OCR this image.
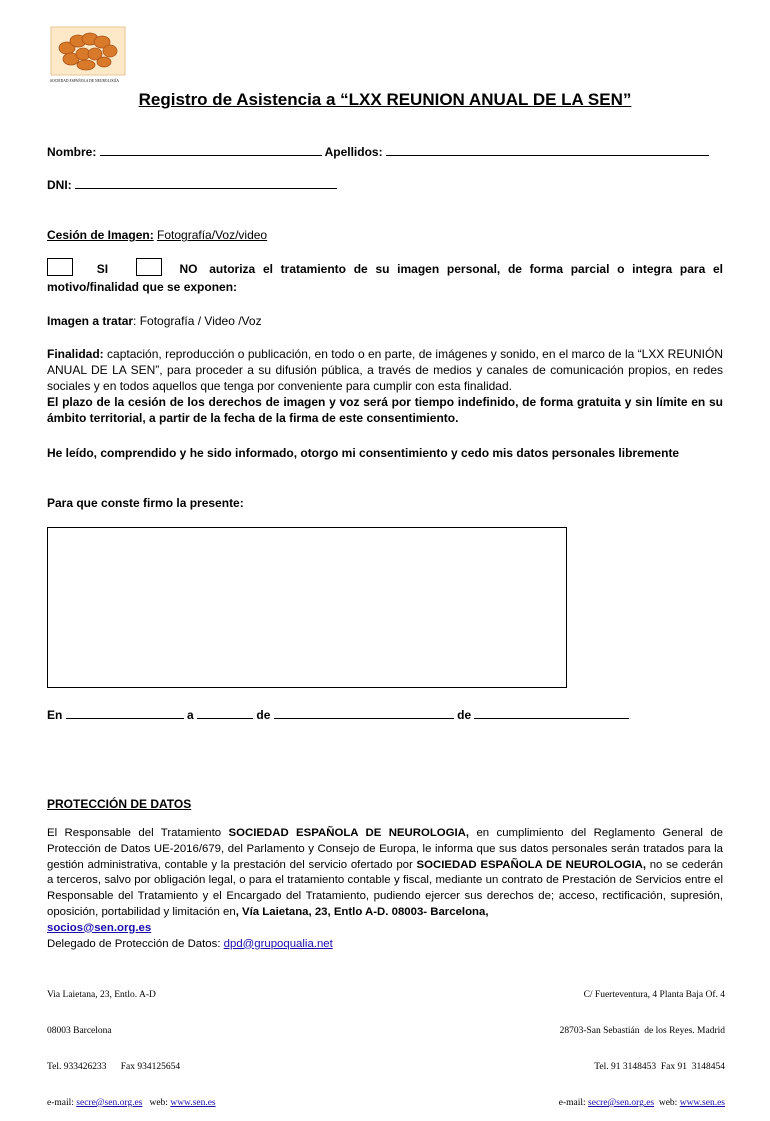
SOCIEDAD ESPAÑOLA DE NEUROLOGÍA
Registro de Asistencia a “LXX REUNION ANUAL DE LA SEN”
Nombre:	Apellidos:
DNI:
Cesión de Imagen: Fotografía/Voz/video
SI	NO autoriza el tratamiento de su imagen personal, de forma parcial o integra para el
motivo/finalidad que se exponen:
Imagen a tratar: Fotografía / Video /Voz
Finalidad: captación, reproducción o publicación, en todo o en parte, de imágenes y sonido, en el marco de la “LXX REUNIÓN ANUAL DE LA SEN”, para proceder a su difusión pública, a través de medios y canales de comunicación propios, en redes sociales y en todos aquellos que tenga por conveniente para cumplir con esta finalidad.
El plazo de la cesión de los derechos de imagen y voz será por tiempo indefinido, de forma gratuita y sin límite en su ámbito territorial, a partir de la fecha de la firma de este consentimiento.
He leído, comprendido y he sido informado, otorgo mi consentimiento y cedo mis datos personales libremente
Para que conste firmo la presente:
En	a	de	de
PROTECCIÓN DE DATOS
El Responsable del Tratamiento SOCIEDAD ESPAÑOLA DE NEUROLOGIA, en cumplimiento del Reglamento General de Protección de Datos UE-2016/679, del Parlamento y Consejo de Europa, le informa que sus datos personales serán tratados para la gestión administrativa, contable y la prestación del servicio ofertado por SOCIEDAD ESPAÑOLA DE NEUROLOGIA, no se cederán a terceros, salvo por obligación legal, o para el tratamiento contable y fiscal, mediante un contrato de Prestación de Servicios entre el Responsable del Tratamiento y el Encargado del Tratamiento, pudiendo ejercer sus derechos de; acceso, rectificación, supresión, oposición, portabilidad y limitación en, Vía Laietana, 23, Entlo A-D. 08003- Barcelona,
socios@sen.org.es
Delegado de Protección de Datos: dpd@grupoqualia.net

Via Laietana, 23, Entlo. A-D

08003 Barcelona

Tel. 933426233      Fax 934125654

e-mail: secre@sen.org.es   web: www.sen.es

C/ Fuerteventura, 4 Planta Baja Of. 4

28703-San Sebastián  de los Reyes. Madrid

Tel. 91 3148453  Fax 91  3148454

e-mail: secre@sen.org.es  web: www.sen.es
